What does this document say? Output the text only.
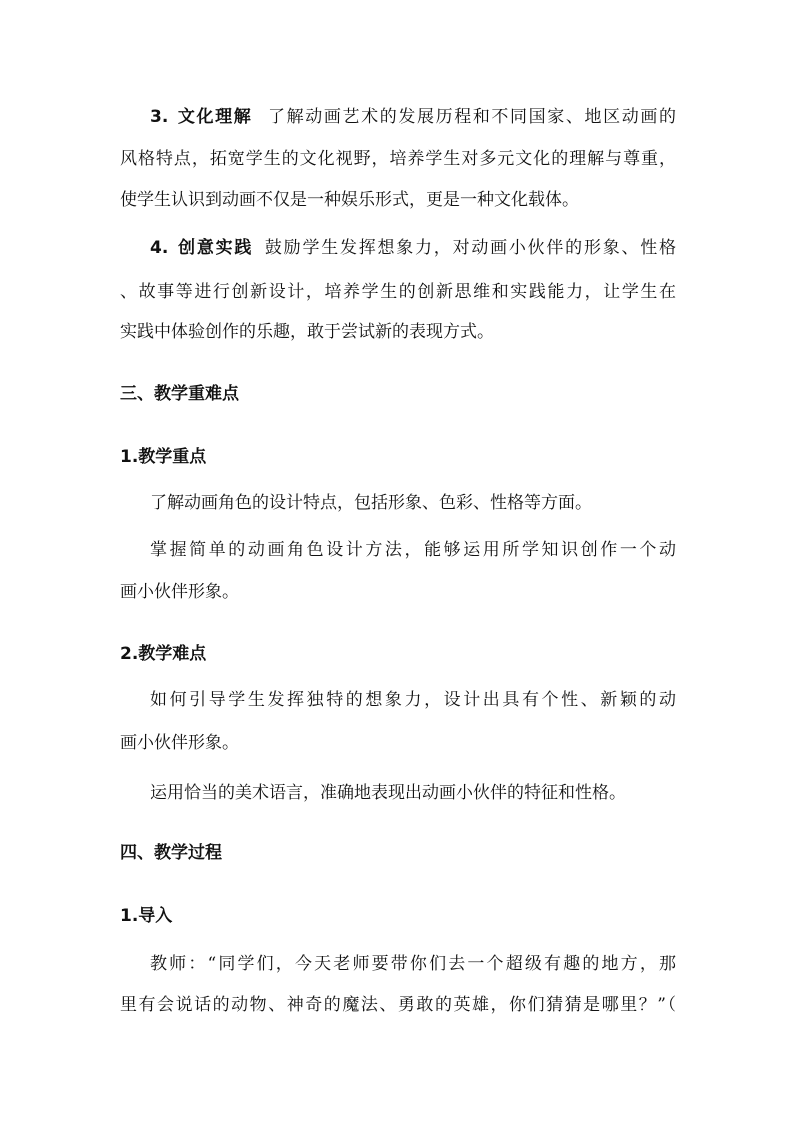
3. 文化理解 了解动画艺术的发展历程和不同国家、地区动画的
风格特点，拓宽学生的文化视野，培养学生对多元文化的理解与尊重，
使学生认识到动画不仅是一种娱乐形式，更是一种文化载体。
4. 创意实践 鼓励学生发挥想象力，对动画小伙伴的形象、性格
、故事等进行创新设计，培养学生的创新思维和实践能力，让学生在
实践中体验创作的乐趣，敢于尝试新的表现方式。
三、教学重难点
1.教学重点
了解动画角色的设计特点，包括形象、色彩、性格等方面。
掌握简单的动画角色设计方法，能够运用所学知识创作一个动
画小伙伴形象。
2.教学难点
如何引导学生发挥独特的想象力，设计出具有个性、新颖的动
画小伙伴形象。
运用恰当的美术语言，准确地表现出动画小伙伴的特征和性格。
四、教学过程
1.导入
教师：“同学们，今天老师要带你们去一个超级有趣的地方，那
里有会说话的动物、神奇的魔法、勇敢的英雄，你们猜猜是哪里？”（
